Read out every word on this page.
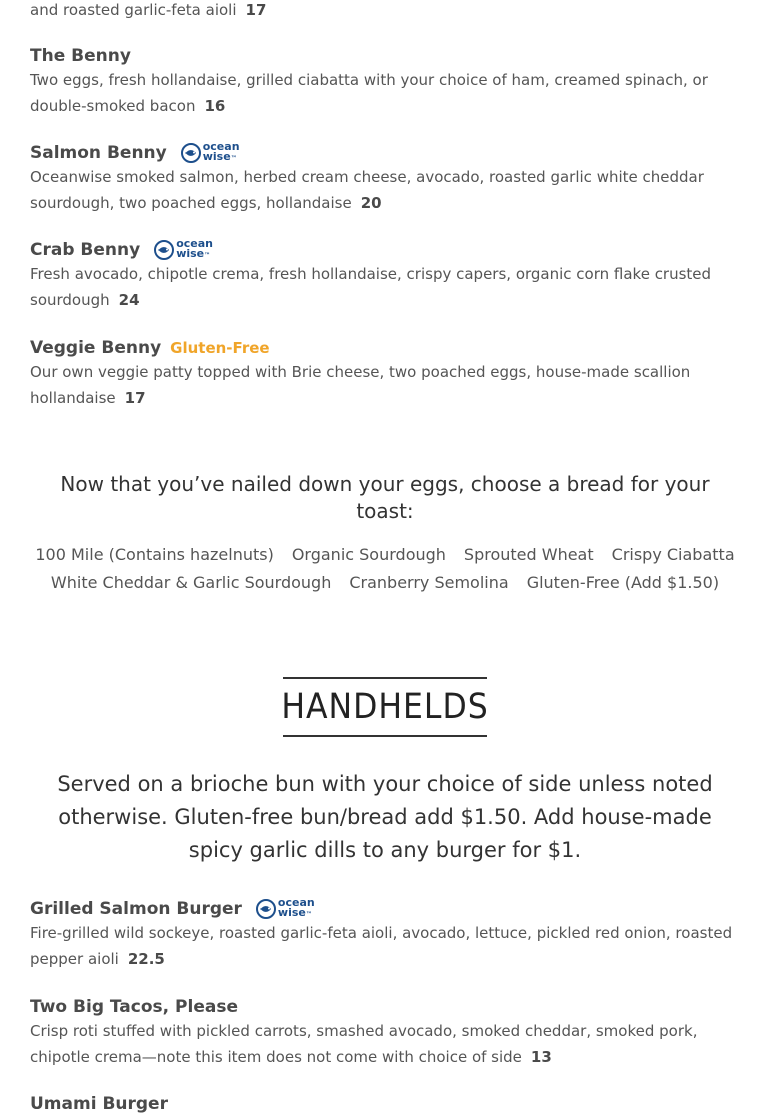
and roasted garlic-feta aioli 17
The Benny
Two eggs, fresh hollandaise, grilled ciabatta with your choice of ham, creamed spinach, or double-smoked bacon 16
Salmon Benny	ocean
wise™
Oceanwise smoked salmon, herbed cream cheese, avocado, roasted garlic white cheddar sourdough, two poached eggs, hollandaise 20
Crab Benny	ocean
wise™
Fresh avocado, chipotle crema, fresh hollandaise, crispy capers, organic corn flake crusted sourdough 24
Veggie Benny Gluten-Free
Our own veggie patty topped with Brie cheese, two poached eggs, house-made scallion hollandaise 17
Now that you’ve nailed down your eggs, choose a bread for your toast:
100 Mile (Contains hazelnuts) Organic Sourdough Sprouted Wheat Crispy Ciabatta
White Cheddar & Garlic Sourdough Cranberry Semolina Gluten-Free (Add $1.50)
HANDHELDS
Served on a brioche bun with your choice of side unless noted otherwise. Gluten-free bun/bread add $1.50. Add house-made spicy garlic dills to any burger for $1.
Grilled Salmon Burger	ocean
wise™
Fire-grilled wild sockeye, roasted garlic-feta aioli, avocado, lettuce, pickled red onion, roasted pepper aioli 22.5
Two Big Tacos, Please
Crisp roti stuffed with pickled carrots, smashed avocado, smoked cheddar, smoked pork, chipotle crema—note this item does not come with choice of side 13
Umami Burger
